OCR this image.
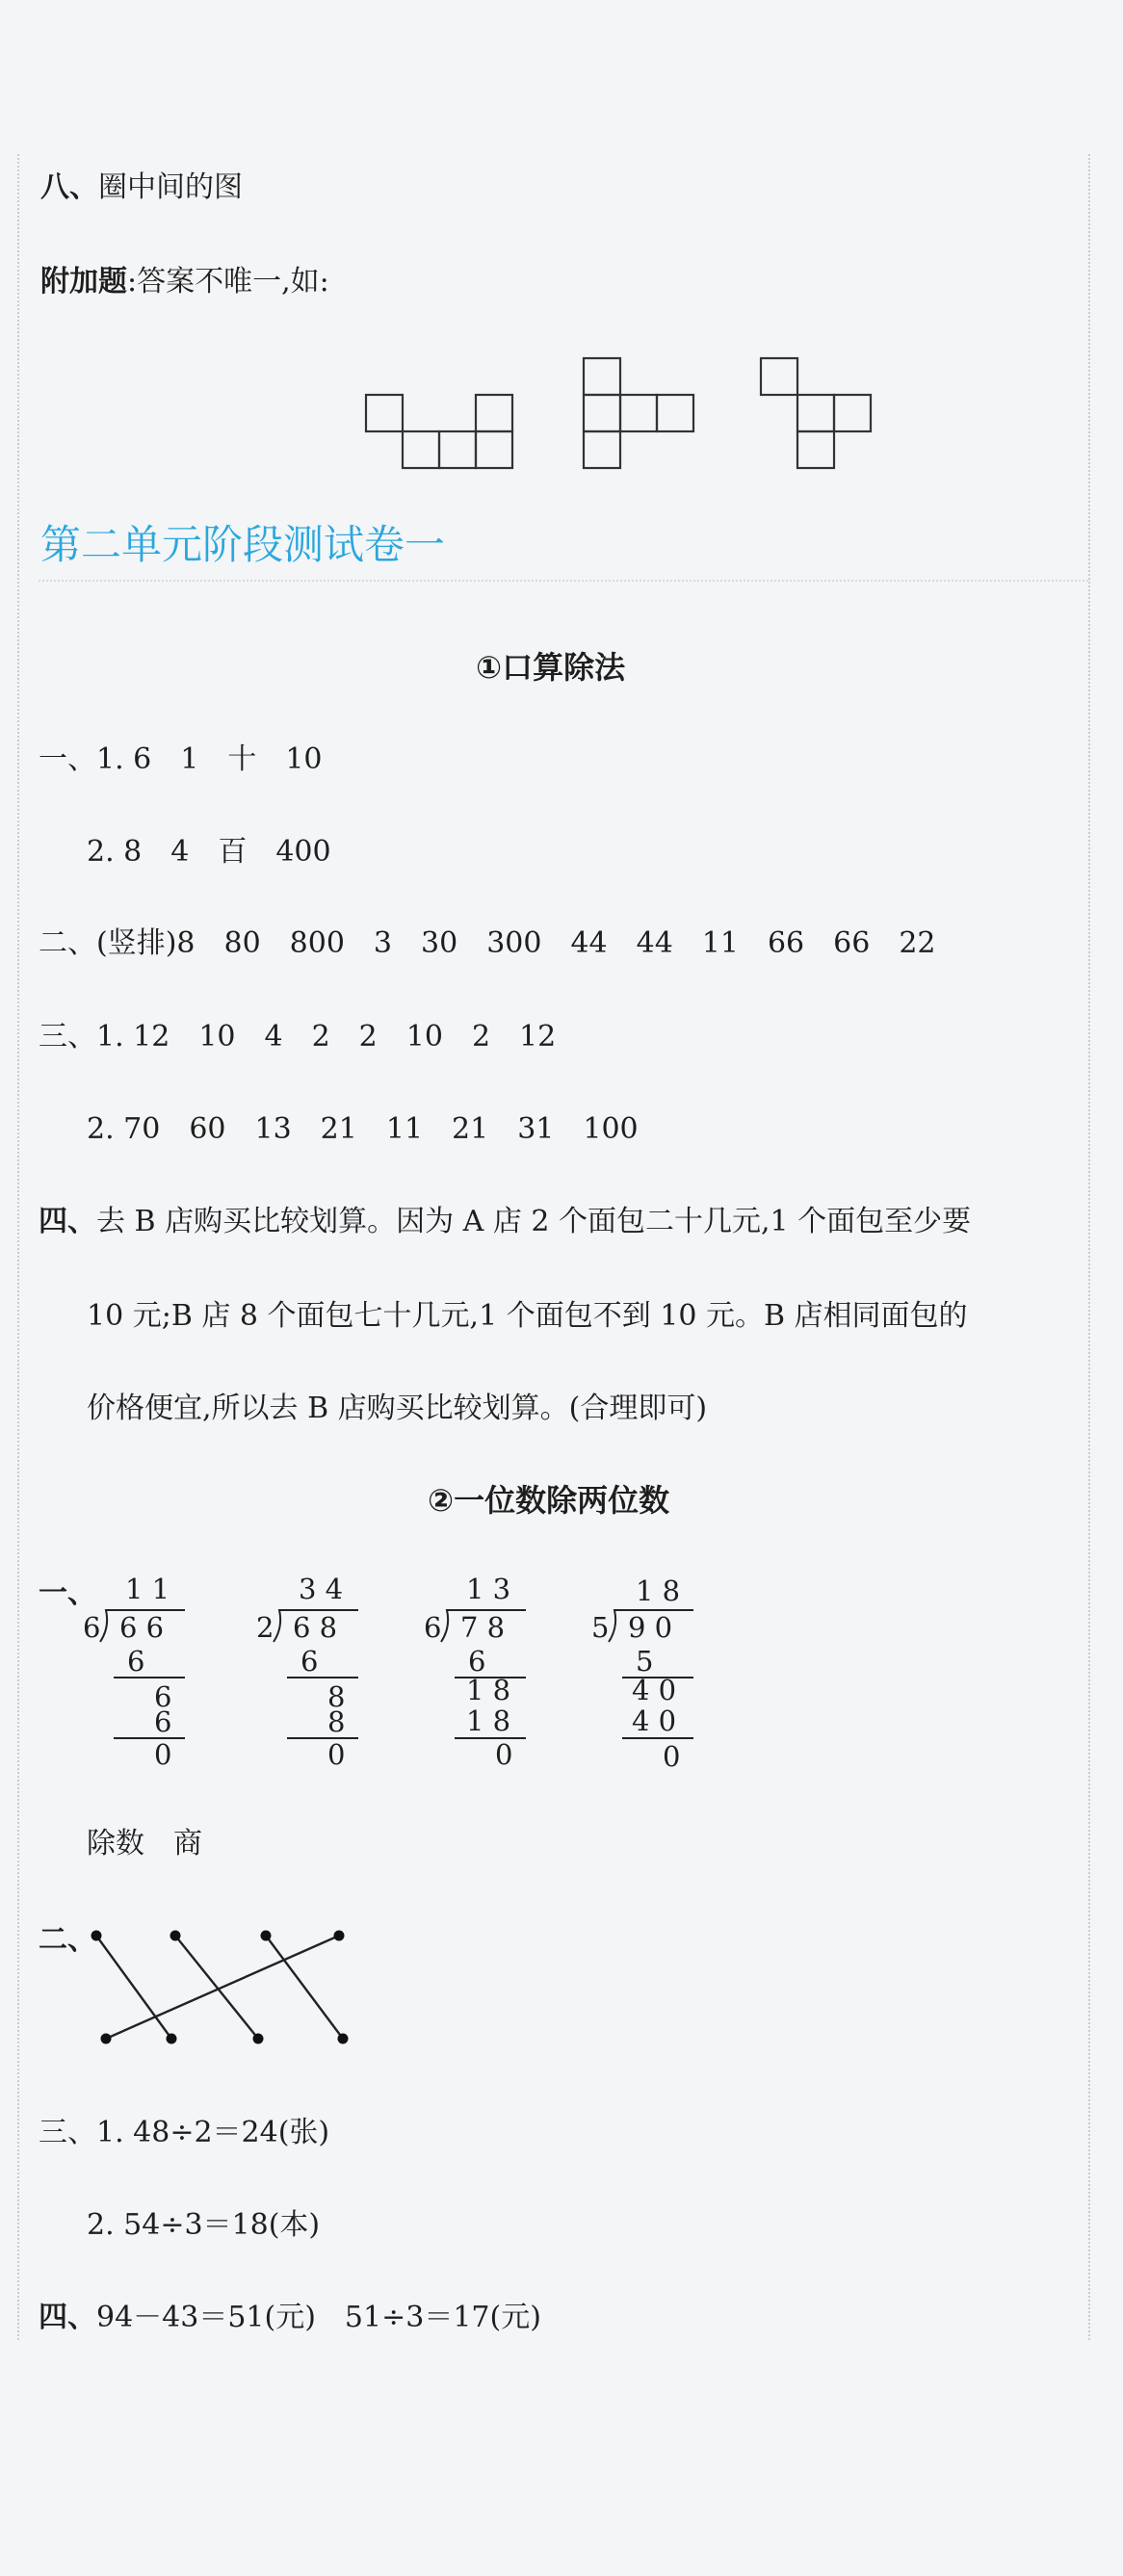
八、圈中间的图
附加题:答案不唯一,如:
1 1
6 6 6
6
6
6
0
3 4
2 6 8
6
8
8
0
1 3
6 7 8
6
1 8
1 8
0
1 8
5 9 0
5
4 0
4 0
0
第二单元阶段测试卷一
①口算除法
一、1. 6　1　十　10
2. 8　4　百　400
二、(竖排)8　80　800　3　30　300　44　44　11　66　66　22
三、1. 12　10　4　2　2　10　2　12
2. 70　60　13　21　11　21　31　100
四、去 B 店购买比较划算。因为 A 店 2 个面包二十几元,1 个面包至少要
10 元;B 店 8 个面包七十几元,1 个面包不到 10 元。B 店相同面包的
价格便宜,所以去 B 店购买比较划算。(合理即可)
②一位数除两位数
一、
除数　商
二、
三、1. 48÷2＝24(张)
2. 54÷3＝18(本)
四、94－43＝51(元)　51÷3＝17(元)
